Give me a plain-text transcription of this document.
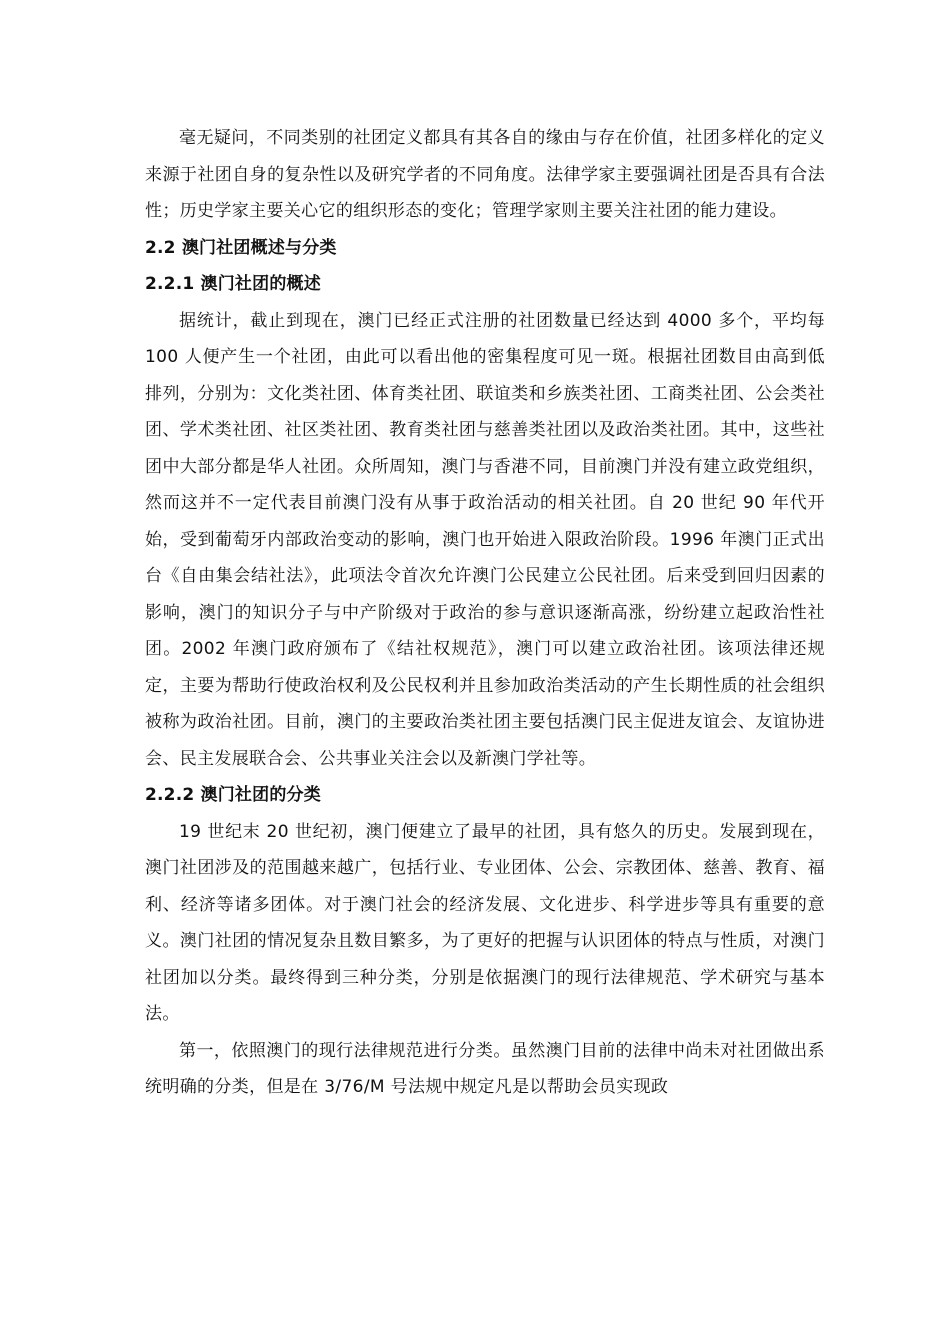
毫无疑问，不同类别的社团定义都具有其各自的缘由与存在价值，社团多样化的定义来源于社团自身的复杂性以及研究学者的不同角度。法律学家主要强调社团是否具有合法性；历史学家主要关心它的组织形态的变化；管理学家则主要关注社团的能力建设。

2.2 澳门社团概述与分类
2.2.1 澳门社团的概述

据统计，截止到现在，澳门已经正式注册的社团数量已经达到 4000 多个，平均每 100 人便产生一个社团，由此可以看出他的密集程度可见一斑。根据社团数目由高到低排列，分别为：文化类社团、体育类社团、联谊类和乡族类社团、工商类社团、公会类社团、学术类社团、社区类社团、教育类社团与慈善类社团以及政治类社团。其中，这些社团中大部分都是华人社团。众所周知，澳门与香港不同，目前澳门并没有建立政党组织，然而这并不一定代表目前澳门没有从事于政治活动的相关社团。自 20 世纪 90 年代开始，受到葡萄牙内部政治变动的影响，澳门也开始进入限政治阶段。1996 年澳门正式出台《自由集会结社法》，此项法令首次允许澳门公民建立公民社团。后来受到回归因素的影响，澳门的知识分子与中产阶级对于政治的参与意识逐渐高涨，纷纷建立起政治性社团。2002 年澳门政府颁布了《结社权规范》，澳门可以建立政治社团。该项法律还规定，主要为帮助行使政治权利及公民权利并且参加政治类活动的产生长期性质的社会组织被称为政治社团。目前，澳门的主要政治类社团主要包括澳门民主促进友谊会、友谊协进会、民主发展联合会、公共事业关注会以及新澳门学社等。

2.2.2 澳门社团的分类

19 世纪末 20 世纪初，澳门便建立了最早的社团，具有悠久的历史。发展到现在，澳门社团涉及的范围越来越广，包括行业、专业团体、公会、宗教团体、慈善、教育、福利、经济等诸多团体。对于澳门社会的经济发展、文化进步、科学进步等具有重要的意义。澳门社团的情况复杂且数目繁多，为了更好的把握与认识团体的特点与性质，对澳门社团加以分类。最终得到三种分类，分别是依据澳门的现行法律规范、学术研究与基本法。

第一，依照澳门的现行法律规范进行分类。虽然澳门目前的法律中尚未对社团做出系统明确的分类，但是在 3/76/M 号法规中规定凡是以帮助会员实现政
